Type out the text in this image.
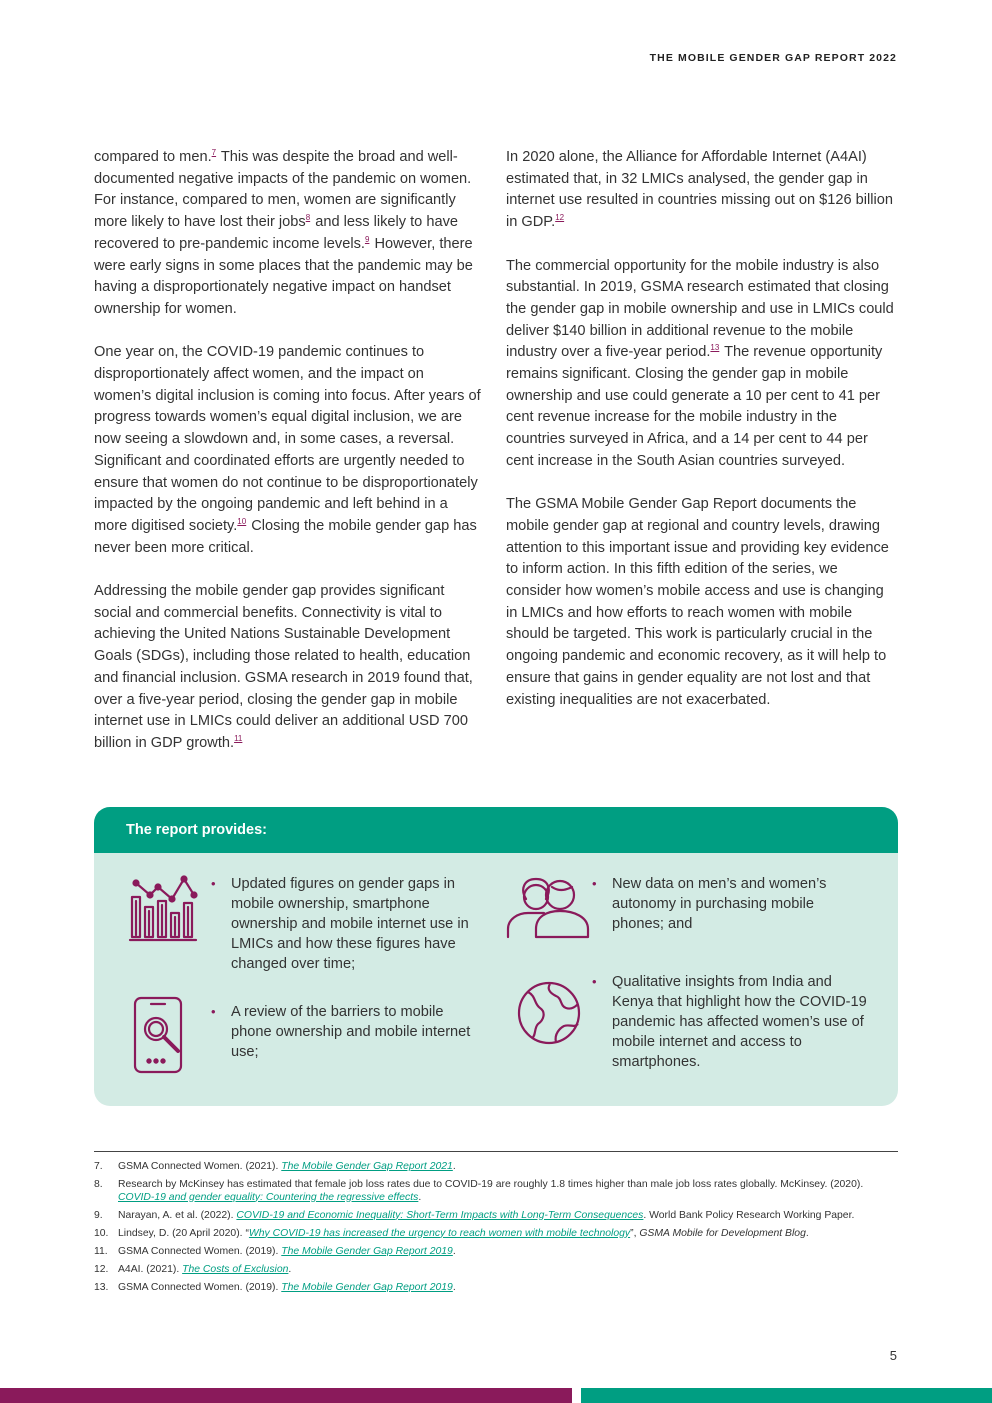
THE MOBILE GENDER GAP REPORT 2022

compared to men.$^7$ This was despite the broad and well-documented negative impacts of the pandemic on women. For instance, compared to men, women are significantly more likely to have lost their jobs$^8$ and less likely to have recovered to pre-pandemic income levels.$^9$ However, there were early signs in some places that the pandemic may be having a disproportionately negative impact on handset ownership for women.

One year on, the COVID-19 pandemic continues to disproportionately affect women, and the impact on women’s digital inclusion is coming into focus. After years of progress towards women’s equal digital inclusion, we are now seeing a slowdown and, in some cases, a reversal. Significant and coordinated efforts are urgently needed to ensure that women do not continue to be disproportionately impacted by the ongoing pandemic and left behind in a more digitised society.$^{10}$ Closing the mobile gender gap has never been more critical.

Addressing the mobile gender gap provides significant social and commercial benefits. Connectivity is vital to achieving the United Nations Sustainable Development Goals (SDGs), including those related to health, education and financial inclusion. GSMA research in 2019 found that, over a five-year period, closing the gender gap in mobile internet use in LMICs could deliver an additional USD 700 billion in GDP growth.$^{11}$

In 2020 alone, the Alliance for Affordable Internet (A4AI) estimated that, in 32 LMICs analysed, the gender gap in internet use resulted in countries missing out on $126 billion in GDP.$^{12}$

The commercial opportunity for the mobile industry is also substantial. In 2019, GSMA research estimated that closing the gender gap in mobile ownership and use in LMICs could deliver $140 billion in additional revenue to the mobile industry over a five-year period.$^{13}$ The revenue opportunity remains significant. Closing the gender gap in mobile ownership and use could generate a 10 per cent to 41 per cent revenue increase for the mobile industry in the countries surveyed in Africa, and a 14 per cent to 44 per cent increase in the South Asian countries surveyed.

The GSMA Mobile Gender Gap Report documents the mobile gender gap at regional and country levels, drawing attention to this important issue and providing key evidence to inform action. In this fifth edition of the series, we consider how women’s mobile access and use is changing in LMICs and how efforts to reach women with mobile should be targeted. This work is particularly crucial in the ongoing pandemic and economic recovery, as it will help to ensure that gains in gender equality are not lost and that existing inequalities are not exacerbated.

The report provides:
• Updated figures on gender gaps in mobile ownership, smartphone ownership and mobile internet use in LMICs and how these figures have changed over time;
• A review of the barriers to mobile phone ownership and mobile internet use;
• New data on men’s and women’s autonomy in purchasing mobile phones; and
• Qualitative insights from India and Kenya that highlight how the COVID-19 pandemic has affected women’s use of mobile internet and access to smartphones.
7.	GSMA Connected Women. (2021). The Mobile Gender Gap Report 2021.
8.	Research by McKinsey has estimated that female job loss rates due to COVID-19 are roughly 1.8 times higher than male job loss rates globally. McKinsey. (2020). COVID-19 and gender equality: Countering the regressive effects.
9.	Narayan, A. et al. (2022). COVID-19 and Economic Inequality: Short-Term Impacts with Long-Term Consequences. World Bank Policy Research Working Paper.
10. Lindsey, D. (20 April 2020). “Why COVID-19 has increased the urgency to reach women with mobile technology”, GSMA Mobile for Development Blog.
11. GSMA Connected Women. (2019). The Mobile Gender Gap Report 2019.
12. A4AI. (2021). The Costs of Exclusion.
13. GSMA Connected Women. (2019). The Mobile Gender Gap Report 2019.
5
